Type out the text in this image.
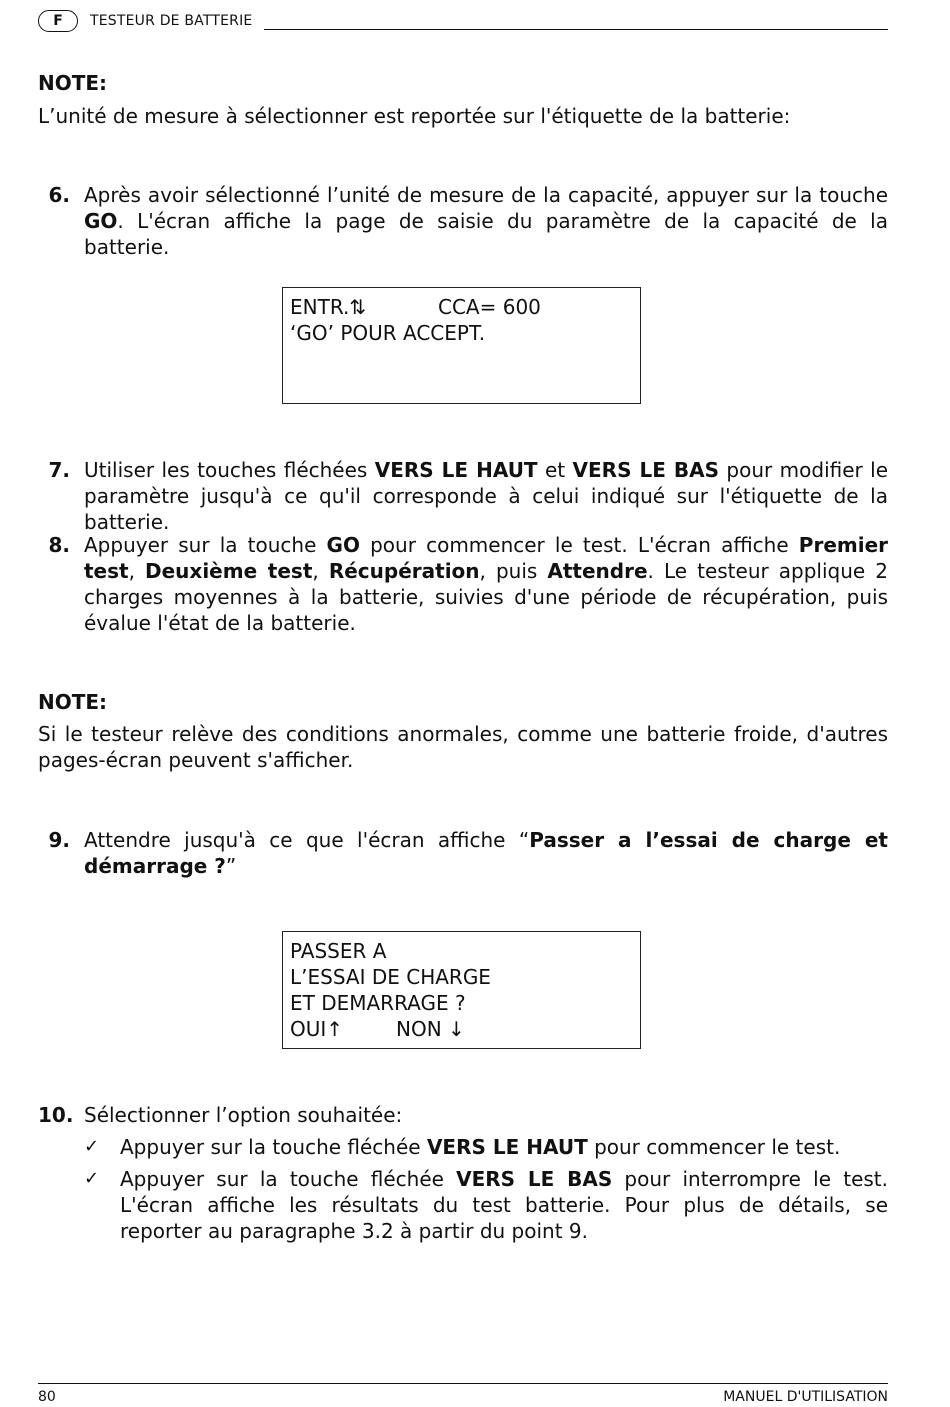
F	TESTEUR DE BATTERIE
NOTE:
L’unité de mesure à sélectionner est reportée sur l'étiquette de la batterie:
6. Après avoir sélectionné l’unité de mesure de la capacité, appuyer sur la touche GO. L'écran affiche la page de saisie du paramètre de la capacité de la batterie.
ENTR.⇅	CCA= 600
‘GO’ POUR ACCEPT.
7. Utiliser les touches fléchées VERS LE HAUT et VERS LE BAS pour modifier le paramètre jusqu'à ce qu'il corresponde à celui indiqué sur l'étiquette de la batterie.
8. Appuyer sur la touche GO pour commencer le test. L'écran affiche Premier test, Deuxième test, Récupération, puis Attendre. Le testeur applique 2 charges moyennes à la batterie, suivies d'une période de récupération, puis évalue l'état de la batterie.
NOTE:
Si le testeur relève des conditions anormales, comme une batterie froide, d'autres pages-écran peuvent s'afficher.
9. Attendre jusqu'à ce que l'écran affiche “Passer a l’essai de charge et démarrage ?”
PASSER A
L’ESSAI DE CHARGE
ET DEMARRAGE ?
OUI↑	NON ↓
10. Sélectionner l’option souhaitée:
✓ Appuyer sur la touche fléchée VERS LE HAUT pour commencer le test.
✓ Appuyer sur la touche fléchée VERS LE BAS pour interrompre le test. L'écran affiche les résultats du test batterie. Pour plus de détails, se reporter au paragraphe 3.2 à partir du point 9.
80	MANUEL D'UTILISATION
